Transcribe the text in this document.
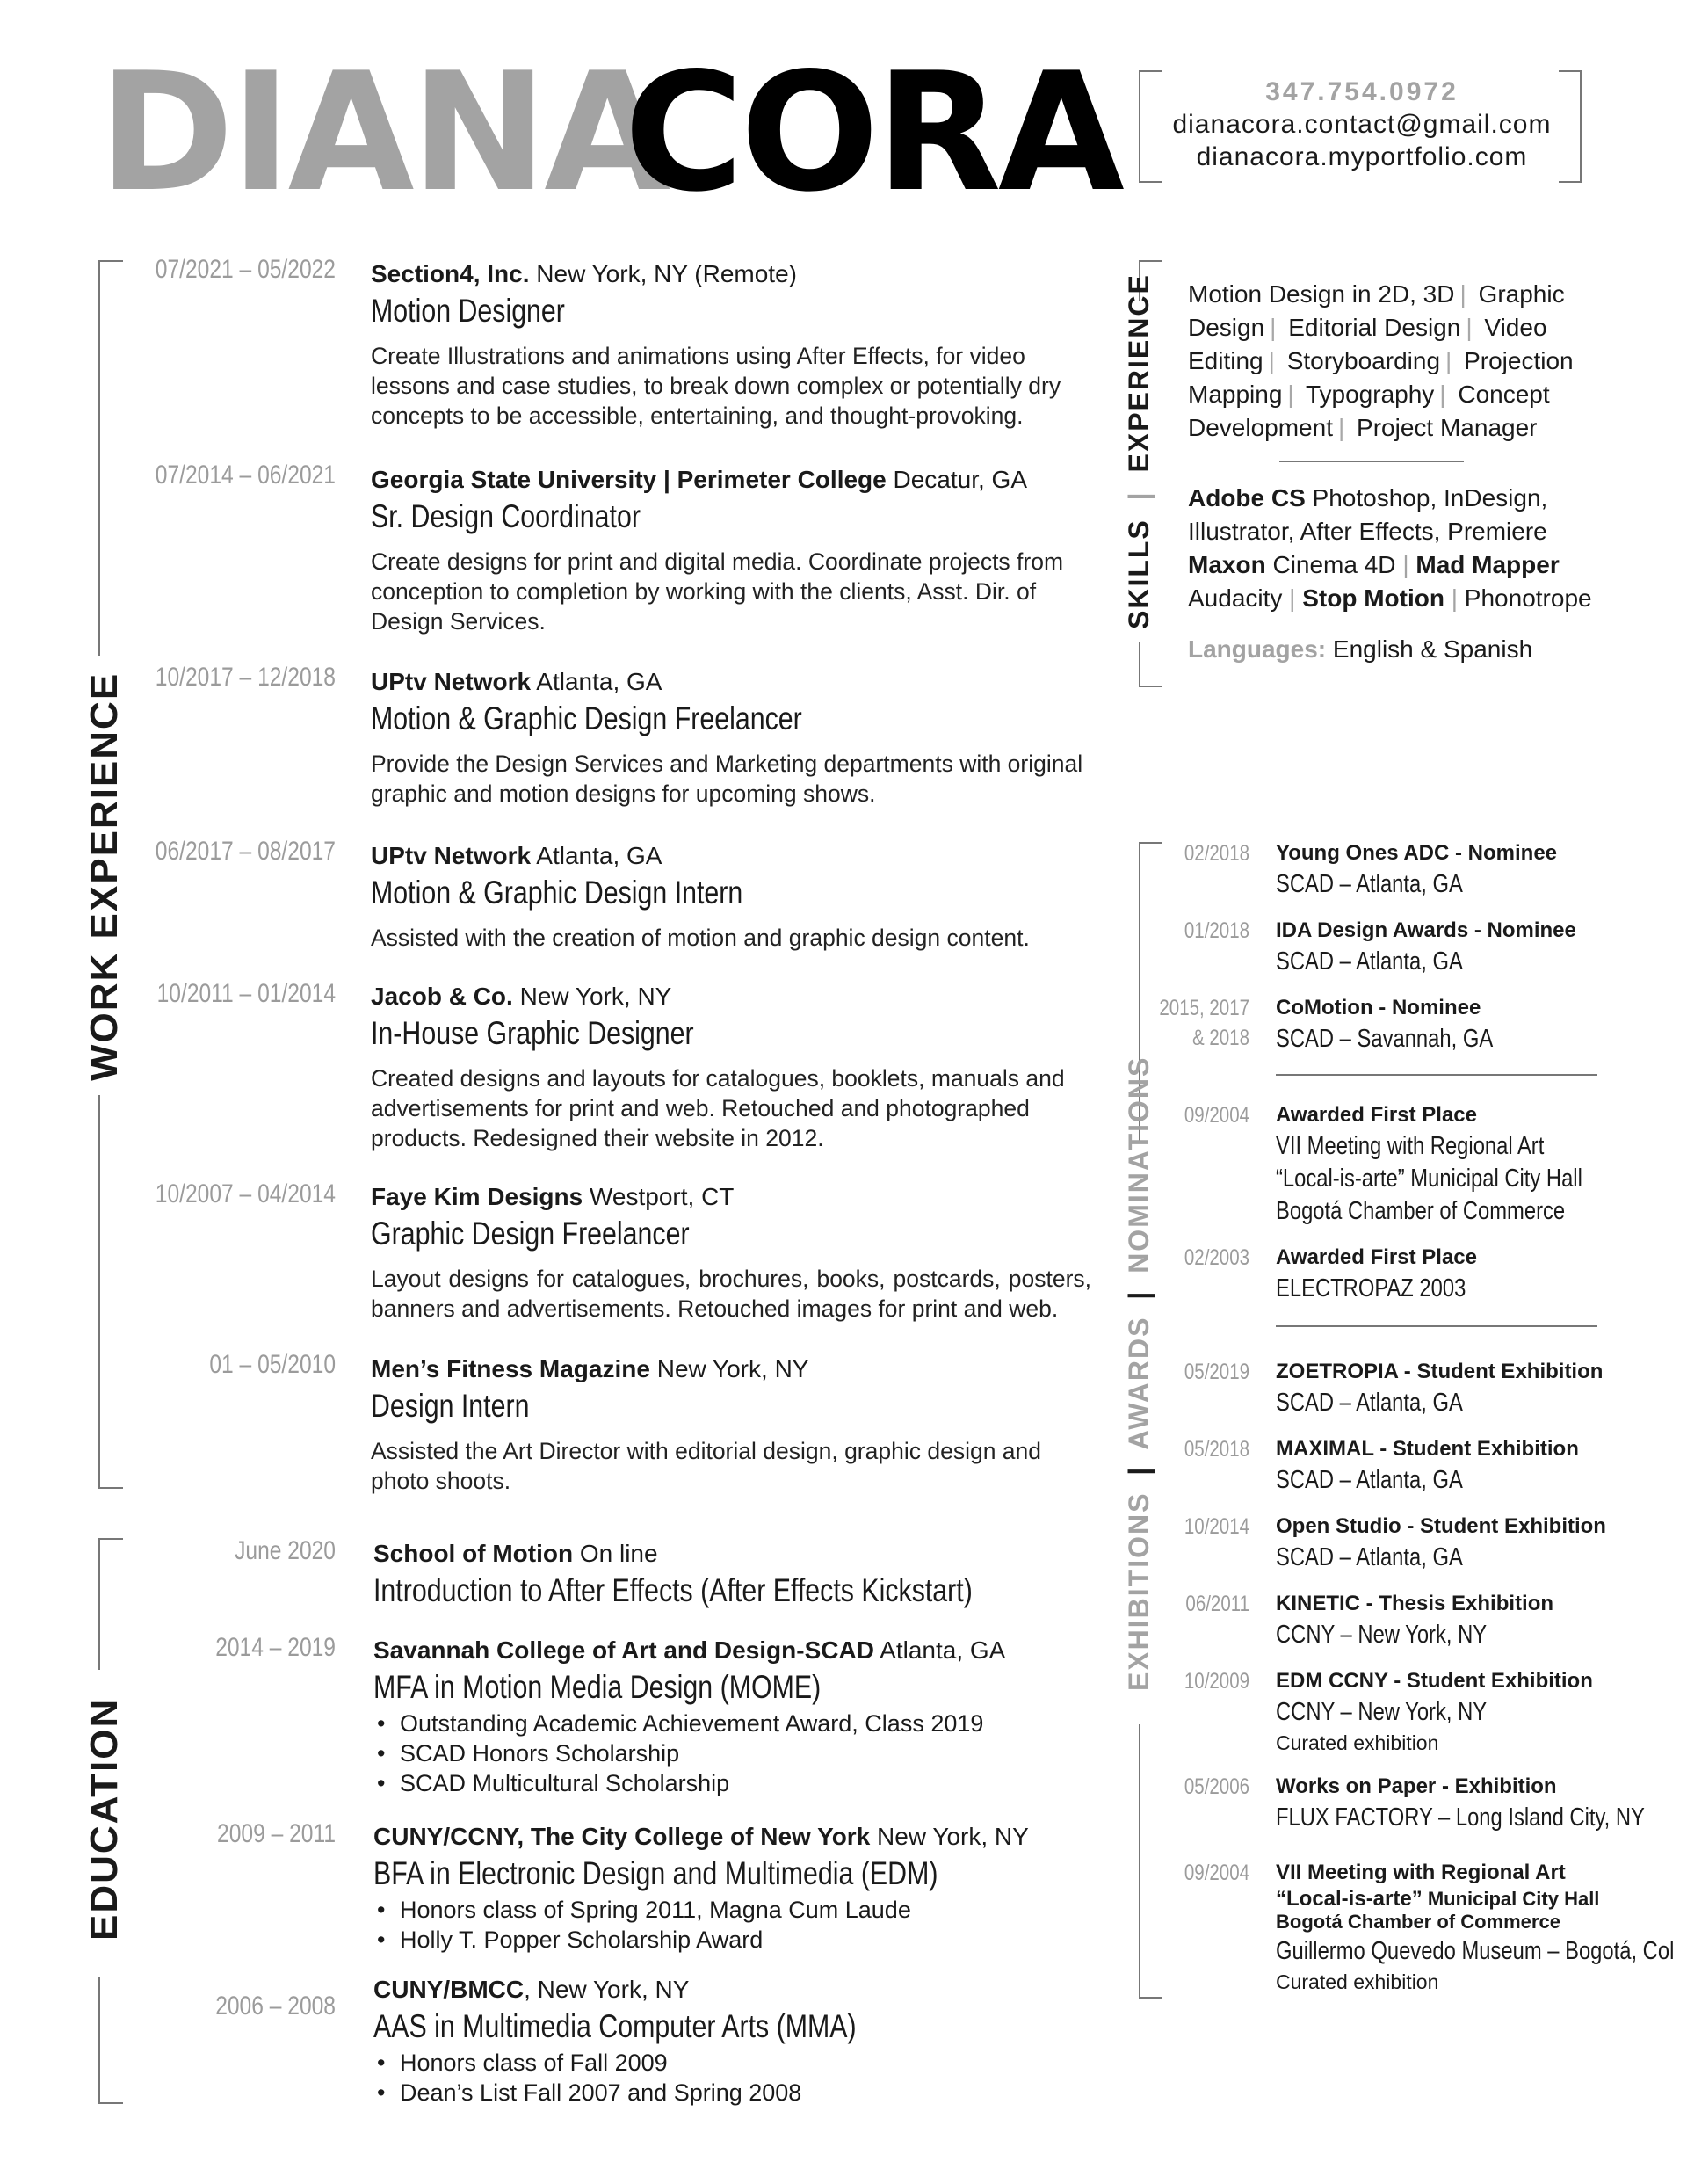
DIANA
CORA	347.754.0972
dianacora.contact@gmail.com
dianacora.myportfolio.com
WORK EXPERIENCE
EDUCATION
07/2021 – 05/2022 Section4, Inc. New York, NY (Remote)
Motion Designer
Create Illustrations and animations using After Effects, for video lessons and case studies, to break down complex or potentially dry concepts to be accessible, entertaining, and thought-provoking.
07/2014 – 06/2021 Georgia State University | Perimeter College Decatur, GA
Sr. Design Coordinator
Create designs for print and digital media. Coordinate projects from conception to completion by working with the clients, Asst. Dir. of Design Services.
10/2017 – 12/2018 UPtv Network Atlanta, GA
Motion & Graphic Design Freelancer
Provide the Design Services and Marketing departments with original graphic and motion designs for upcoming shows.
06/2017 – 08/2017 UPtv Network Atlanta, GA
Motion & Graphic Design Intern
Assisted with the creation of motion and graphic design content.
10/2011 – 01/2014 Jacob & Co. New York, NY
In-House Graphic Designer
Created designs and layouts for catalogues, booklets, manuals and advertisements for print and web. Retouched and photographed products. Redesigned their website in 2012.
10/2007 – 04/2014 Faye Kim Designs Westport, CT
Graphic Design Freelancer
Layout designs for catalogues, brochures, books, postcards, posters, banners and advertisements. Retouched images for print and web.
01 – 05/2010 Men’s Fitness Magazine New York, NY
Design Intern
Assisted the Art Director with editorial design, graphic design and photo shoots.
June 2020 School of Motion On line
Introduction to After Effects (After Effects Kickstart)
2014 – 2019 Savannah College of Art and Design-SCAD Atlanta, GA
MFA in Motion Media Design (MOME)
• Outstanding Academic Achievement Award, Class 2019
• SCAD Honors Scholarship
• SCAD Multicultural Scholarship
2009 – 2011 CUNY/CCNY, The City College of New York New York, NY
BFA in Electronic Design and Multimedia (EDM)
• Honors class of Spring 2011, Magna Cum Laude
• Holly T. Popper Scholarship Award
2006 – 2008
CUNY/BMCC, New York, NY
AAS in Multimedia Computer Arts (MMA)
• Honors class of Fall 2009
• Dean’s List Fall 2007 and Spring 2008
SKILLS | EXPERIENCE Motion Design in 2D, 3D | Graphic Design | Editorial Design | Video Editing | Storyboarding | Projection Mapping | Typography | Concept Development | Project Manager
Adobe CS Photoshop, InDesign, Illustrator, After Effects, Premiere
Maxon Cinema 4D | Mad Mapper
Audacity | Stop Motion | Phonotrope
Languages: English & Spanish
EXHIBITIONS | AWARDS | NOMINATIONS
02/2018 Young Ones ADC - Nominee
SCAD – Atlanta, GA
01/2018 IDA Design Awards - Nominee
SCAD – Atlanta, GA
2015, 2017
& 2018
CoMotion - Nominee
SCAD – Savannah, GA
09/2004 Awarded First Place
VII Meeting with Regional Art
“Local-is-arte” Municipal City Hall
Bogotá Chamber of Commerce
02/2003 Awarded First Place
ELECTROPAZ 2003
05/2019 ZOETROPIA - Student Exhibition
SCAD – Atlanta, GA
05/2018 MAXIMAL - Student Exhibition
SCAD – Atlanta, GA
10/2014 Open Studio - Student Exhibition
SCAD – Atlanta, GA
06/2011 KINETIC - Thesis Exhibition
CCNY – New York, NY
10/2009 EDM CCNY - Student Exhibition
CCNY – New York, NY
Curated exhibition
05/2006 Works on Paper - Exhibition
FLUX FACTORY – Long Island City, NY
09/2004 VII Meeting with Regional Art
“Local-is-arte” Municipal City Hall
Bogotá Chamber of Commerce
Guillermo Quevedo Museum – Bogotá, Col
Curated exhibition
